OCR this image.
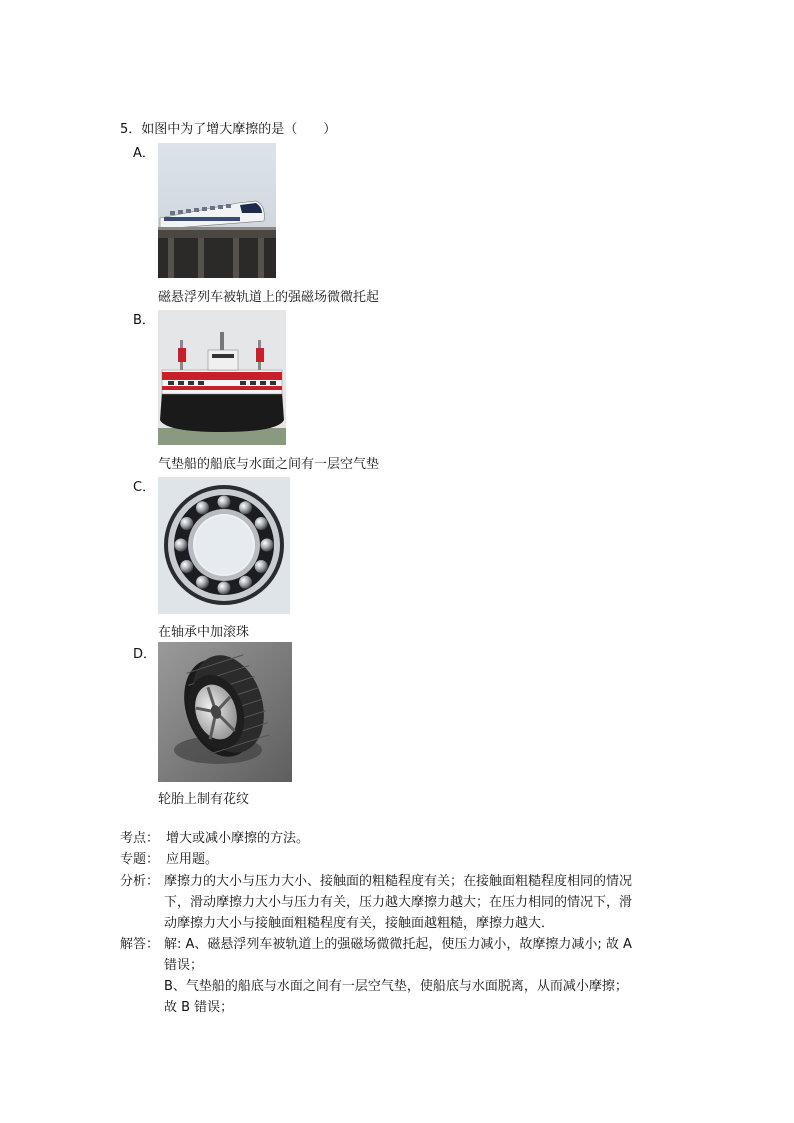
5．如图中为了增大摩擦的是（　　）
A．
磁悬浮列车被轨道上的强磁场微微托起
B．
气垫船的船底与水面之间有一层空气垫
C．
在轴承中加滚珠
D．
轮胎上制有花纹
考点： 增大或减小摩擦的方法。
专题： 应用题。
分析： 摩擦力的大小与压力大小、接触面的粗糙程度有关；在接触面粗糙程度相同的情况
下，滑动摩擦力大小与压力有关，压力越大摩擦力越大；在压力相同的情况下，滑
动摩擦力大小与接触面粗糙程度有关，接触面越粗糙，摩擦力越大．
解答： 解: A、磁悬浮列车被轨道上的强磁场微微托起，使压力减小，故摩擦力减小; 故 A
错误；
B、气垫船的船底与水面之间有一层空气垫，使船底与水面脱离，从而减小摩擦；
故 B 错误；
